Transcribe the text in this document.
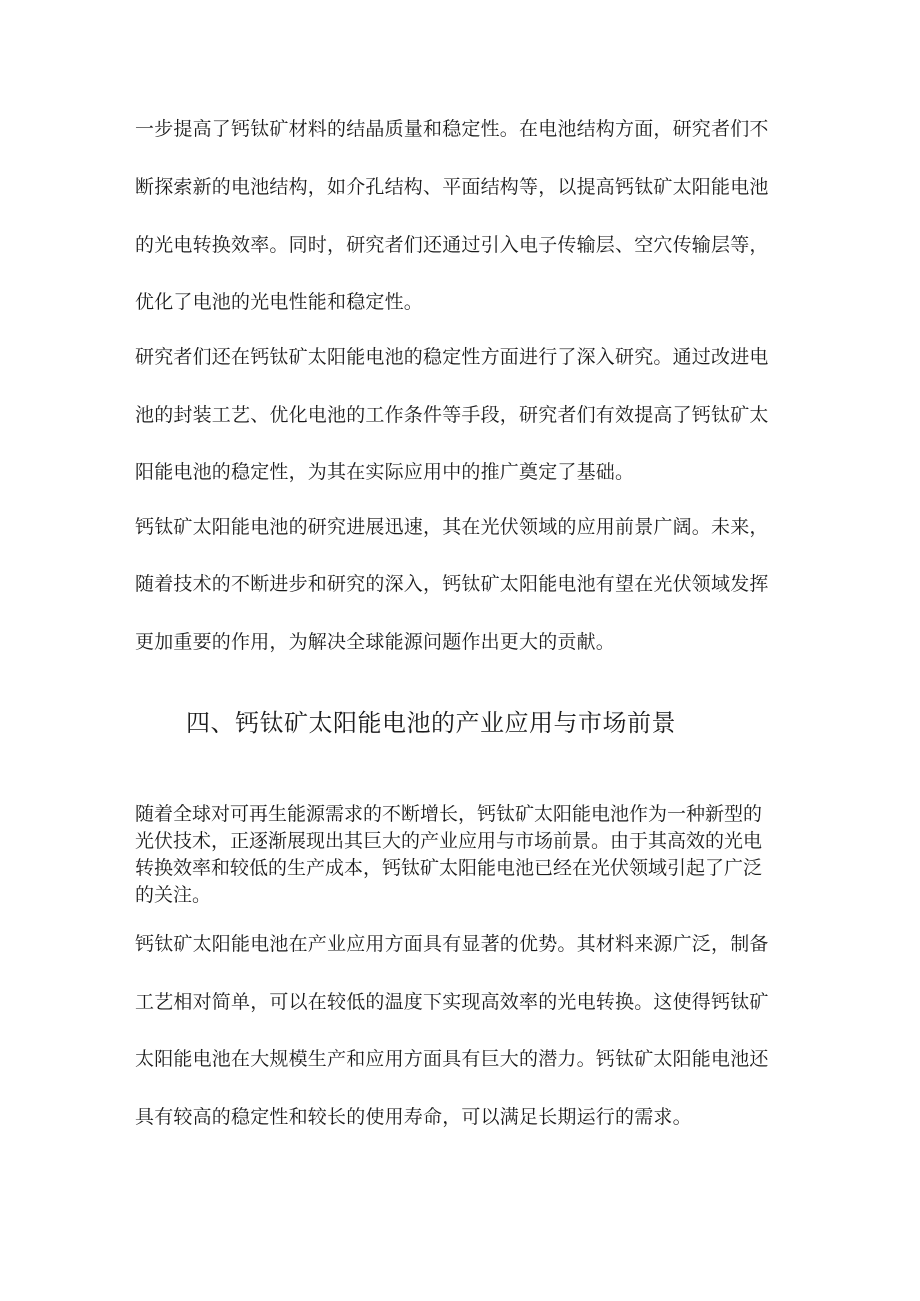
一步提高了钙钛矿材料的结晶质量和稳定性。在电池结构方面，研究者们不
断探索新的电池结构，如介孔结构、平面结构等，以提高钙钛矿太阳能电池
的光电转换效率。同时，研究者们还通过引入电子传输层、空穴传输层等，
优化了电池的光电性能和稳定性。
研究者们还在钙钛矿太阳能电池的稳定性方面进行了深入研究。通过改进电
池的封装工艺、优化电池的工作条件等手段，研究者们有效提高了钙钛矿太
阳能电池的稳定性，为其在实际应用中的推广奠定了基础。
钙钛矿太阳能电池的研究进展迅速，其在光伏领域的应用前景广阔。未来，
随着技术的不断进步和研究的深入，钙钛矿太阳能电池有望在光伏领域发挥
更加重要的作用，为解决全球能源问题作出更大的贡献。
四、钙钛矿太阳能电池的产业应用与市场前景
随着全球对可再生能源需求的不断增长，钙钛矿太阳能电池作为一种新型的
光伏技术，正逐渐展现出其巨大的产业应用与市场前景。由于其高效的光电
转换效率和较低的生产成本，钙钛矿太阳能电池已经在光伏领域引起了广泛
的关注。
钙钛矿太阳能电池在产业应用方面具有显著的优势。其材料来源广泛，制备
工艺相对简单，可以在较低的温度下实现高效率的光电转换。这使得钙钛矿
太阳能电池在大规模生产和应用方面具有巨大的潜力。钙钛矿太阳能电池还
具有较高的稳定性和较长的使用寿命，可以满足长期运行的需求。
